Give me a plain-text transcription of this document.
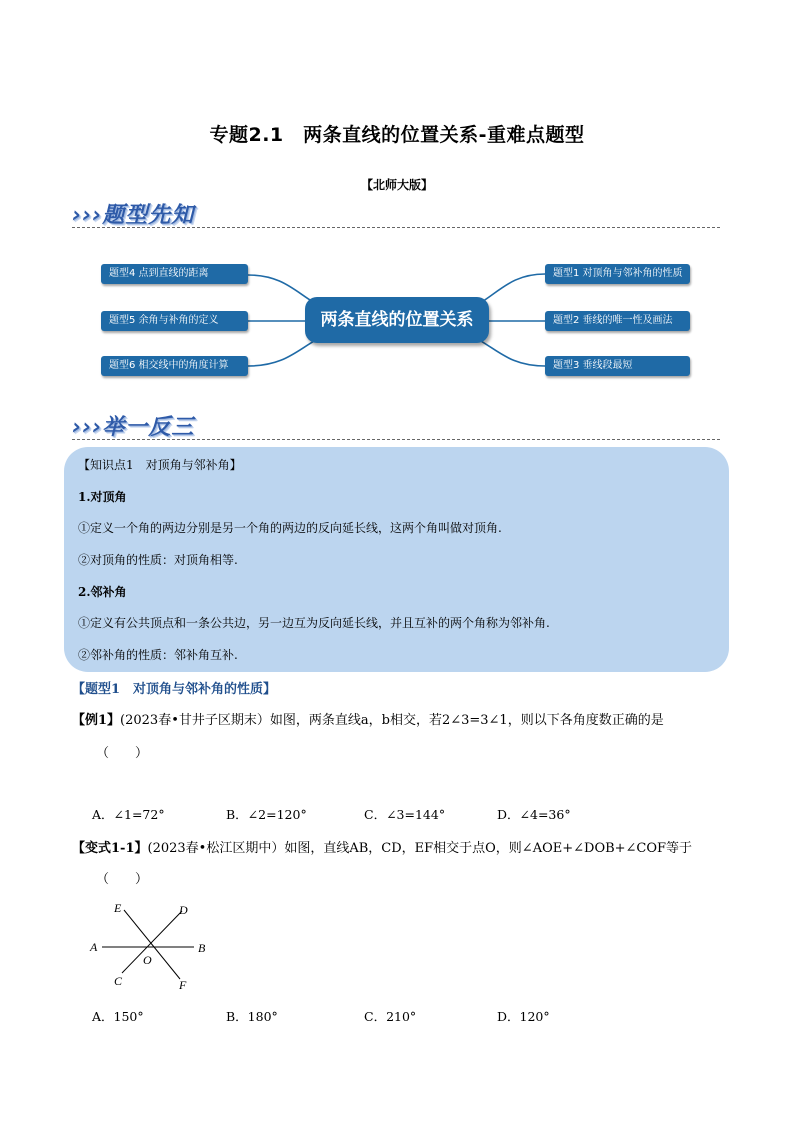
专题2.1　两条直线的位置关系-重难点题型
【北师大版】
›››题型先知
题型4 点到直线的距离
题型5 余角与补角的定义
题型6 相交线中的角度计算
两条直线的位置关系
题型1 对顶角与邻补角的性质
题型2 垂线的唯一性及画法
题型3 垂线段最短
›››举一反三
【知识点1　对顶角与邻补角】
1.对顶角
①定义一个角的两边分别是另一个角的两边的反向延长线，这两个角叫做对顶角.
②对顶角的性质：对顶角相等.
2.邻补角
①定义有公共顶点和一条公共边，另一边互为反向延长线，并且互补的两个角称为邻补角.
②邻补角的性质：邻补角互补.
【题型1　对顶角与邻补角的性质】
【例1】(2023春•甘井子区期末）如图，两条直线a，b相交，若2∠3=3∠1，则以下各角度数正确的是
（　　）
A．∠1=72°	B．∠2=120°	C．∠3=144°	D．∠4=36°
【变式1-1】(2023春•松江区期中）如图，直线AB，CD，EF相交于点O，则∠AOE+∠DOB+∠COF等于
（　　）
E	D
A	B
O
C	F
A．150°	B．180°	C．210°	D．120°
